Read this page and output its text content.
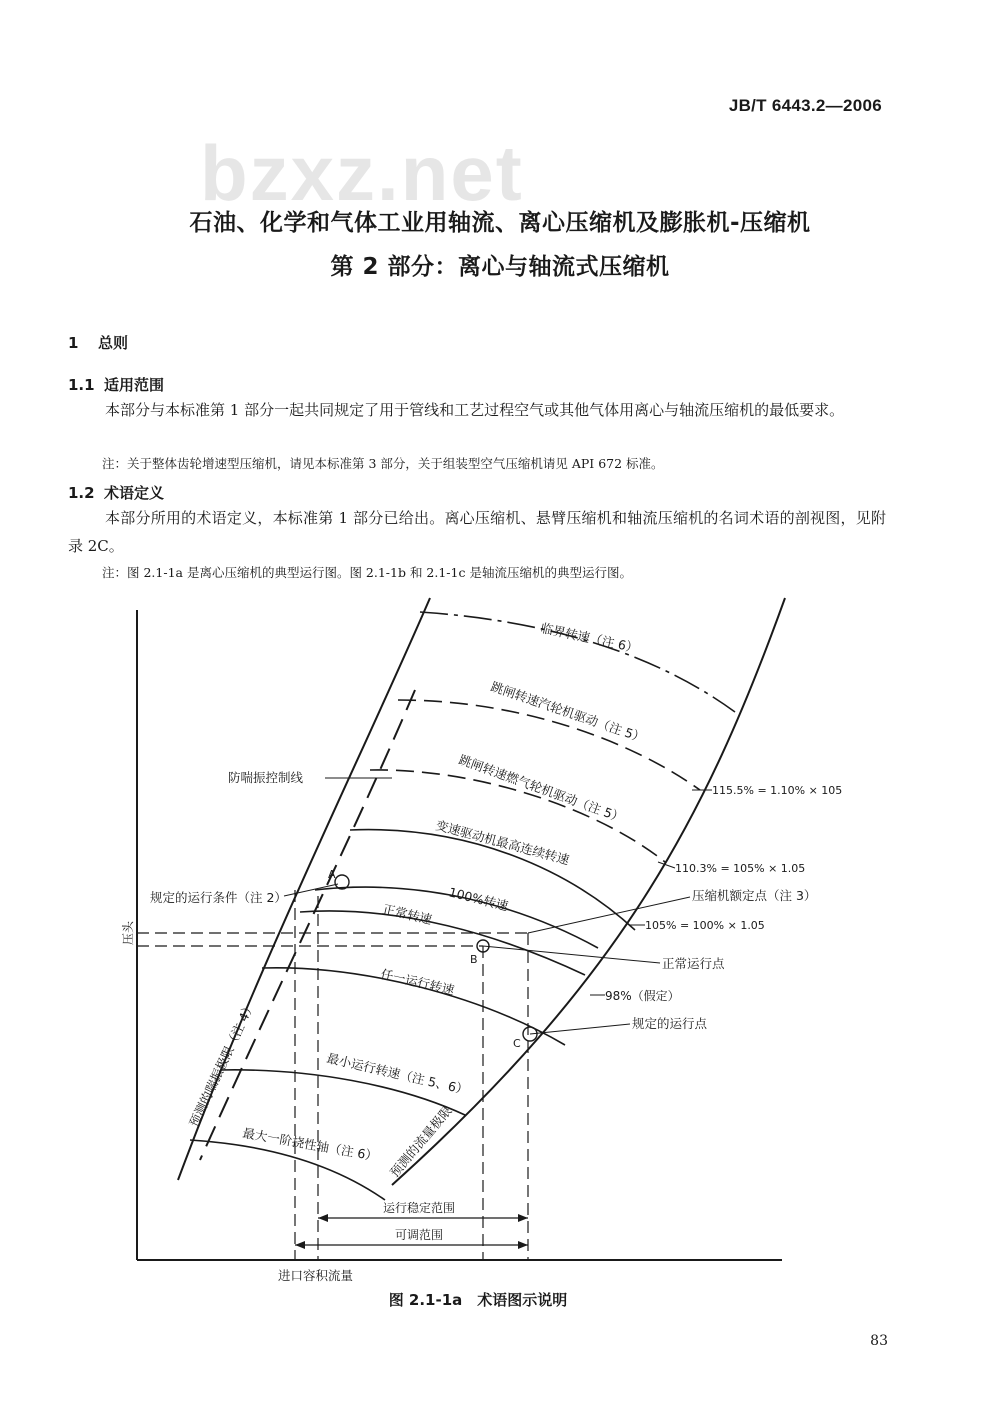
JB/T 6443.2—2006
bzxz.net
石油、化学和气体工业用轴流、离心压缩机及膨胀机-压缩机
第 2 部分：离心与轴流式压缩机
1 总则
1.1 适用范围
本部分与本标准第 1 部分一起共同规定了用于管线和工艺过程空气或其他气体用离心与轴流压缩机的最低要求。
注：关于整体齿轮增速型压缩机，请见本标准第 3 部分，关于组装型空气压缩机请见 API 672 标准。
1.2 术语定义
本部分所用的术语定义，本标准第 1 部分已给出。离心压缩机、悬臂压缩机和轴流压缩机的名词术语的剖视图，见附录 2C。
注：图 2.1-1a 是离心压缩机的典型运行图。图 2.1-1b 和 2.1-1c 是轴流压缩机的典型运行图。
压头
进口容积流量
临界转速（注 6）
跳闸转速汽轮机驱动（注 5）
跳闸转速燃气轮机驱动（注 5）
变速驱动机最高连续转速
100%转速
正常转速
任一运行转速
最小运行转速（注 5、6）
最大一阶挠性轴（注 6）
预测的喘振极限（注 4）
预测的流量极限
防喘振控制线
规定的运行条件（注 2）
115.5% = 1.10% × 105
110.3% = 105% × 1.05
压缩机额定点（注 3）
105% = 100% × 1.05
正常运行点
98%（假定）
规定的运行点
A
B
C
运行稳定范围
可调范围
图 2.1-1a　术语图示说明
83
